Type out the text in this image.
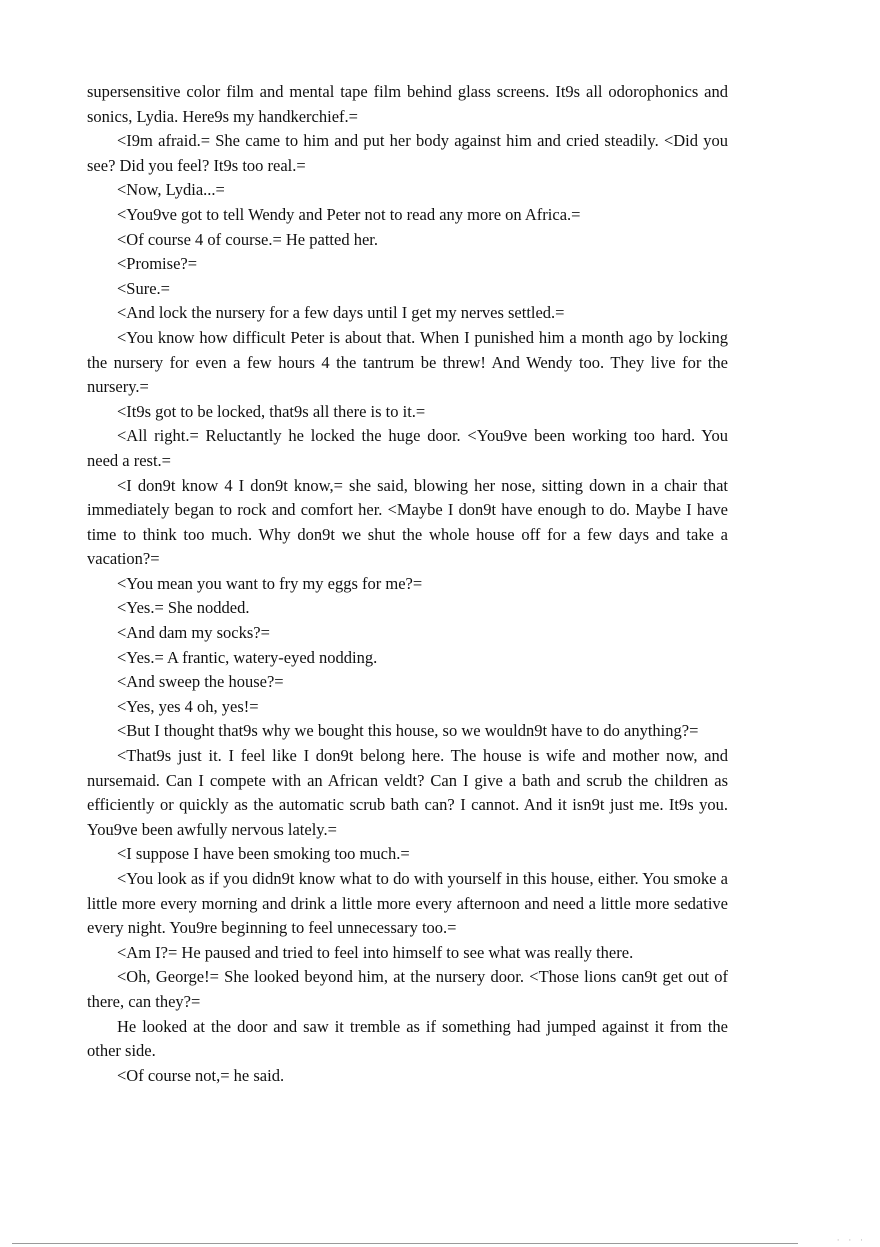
supersensitive color film and mental tape film behind glass screens. It9s all odorophonics and sonics, Lydia. Here9s my handkerchief.=

<I9m afraid.= She came to him and put her body against him and cried steadily. <Did you see? Did you feel? It9s too real.=

<Now, Lydia...=

<You9ve got to tell Wendy and Peter not to read any more on Africa.=

<Of course 4 of course.= He patted her.

<Promise?=

<Sure.=

<And lock the nursery for a few days until I get my nerves settled.=

<You know how difficult Peter is about that. When I punished him a month ago by locking the nursery for even a few hours 4 the tantrum be threw! And Wendy too. They live for the nursery.=

<It9s got to be locked, that9s all there is to it.=

<All right.= Reluctantly he locked the huge door. <You9ve been working too hard. You need a rest.=

<I don9t know 4 I don9t know,= she said, blowing her nose, sitting down in a chair that immediately began to rock and comfort her. <Maybe I don9t have enough to do. Maybe I have time to think too much. Why don9t we shut the whole house off for a few days and take a vacation?=

<You mean you want to fry my eggs for me?=

<Yes.= She nodded.

<And dam my socks?=

<Yes.= A frantic, watery-eyed nodding.

<And sweep the house?=

<Yes, yes 4 oh, yes!=

<But I thought that9s why we bought this house, so we wouldn9t have to do anything?=

<That9s just it. I feel like I don9t belong here. The house is wife and mother now, and nursemaid. Can I compete with an African veldt? Can I give a bath and scrub the children as efficiently or quickly as the automatic scrub bath can? I cannot. And it isn9t just me. It9s you. You9ve been awfully nervous lately.=

<I suppose I have been smoking too much.=

<You look as if you didn9t know what to do with yourself in this house, either. You smoke a little more every morning and drink a little more every afternoon and need a little more sedative every night. You9re beginning to feel unnecessary too.=

<Am I?= He paused and tried to feel into himself to see what was really there.

<Oh, George!= She looked beyond him, at the nursery door. <Those lions can9t get out of there, can they?=

He looked at the door and saw it tremble as if something had jumped against it from the other side.

<Of course not,= he said.

· · ·
